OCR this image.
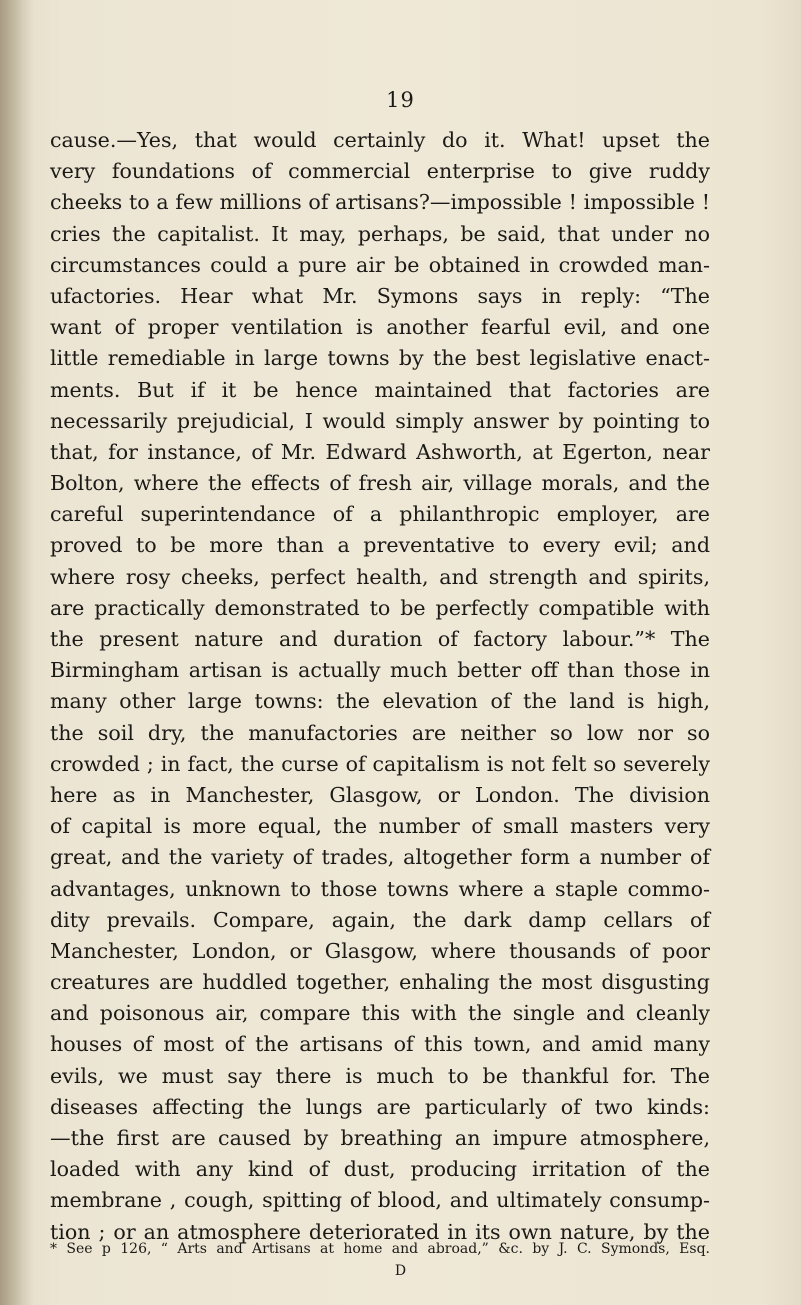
19
cause.—Yes, that would certainly do it. What! upset the
very foundations of commercial enterprise to give ruddy
cheeks to a few millions of artisans?—impossible ! impossible !
cries the capitalist. It may, perhaps, be said, that under no
circumstances could a pure air be obtained in crowded man-
ufactories. Hear what Mr. Symons says in reply: “The
want of proper ventilation is another fearful evil, and one
little remediable in large towns by the best legislative enact-
ments. But if it be hence maintained that factories are
necessarily prejudicial, I would simply answer by pointing to
that, for instance, of Mr. Edward Ashworth, at Egerton, near
Bolton, where the effects of fresh air, village morals, and the
careful superintendance of a philanthropic employer, are
proved to be more than a preventative to every evil; and
where rosy cheeks, perfect health, and strength and spirits,
are practically demonstrated to be perfectly compatible with
the present nature and duration of factory labour.”* The
Birmingham artisan is actually much better off than those in
many other large towns: the elevation of the land is high,
the soil dry, the manufactories are neither so low nor so
crowded ; in fact, the curse of capitalism is not felt so severely
here as in Manchester, Glasgow, or London. The division
of capital is more equal, the number of small masters very
great, and the variety of trades, altogether form a number of
advantages, unknown to those towns where a staple commo-
dity prevails. Compare, again, the dark damp cellars of
Manchester, London, or Glasgow, where thousands of poor
creatures are huddled together, enhaling the most disgusting
and poisonous air, compare this with the single and cleanly
houses of most of the artisans of this town, and amid many
evils, we must say there is much to be thankful for. The
diseases affecting the lungs are particularly of two kinds:
—the first are caused by breathing an impure atmosphere,
loaded with any kind of dust, producing irritation of the
membrane , cough, spitting of blood, and ultimately consump-
tion ; or an atmosphere deteriorated in its own nature, by the
* See p 126, “ Arts and Artisans at home and abroad,” &c. by J. C. Symonds, Esq.
D
